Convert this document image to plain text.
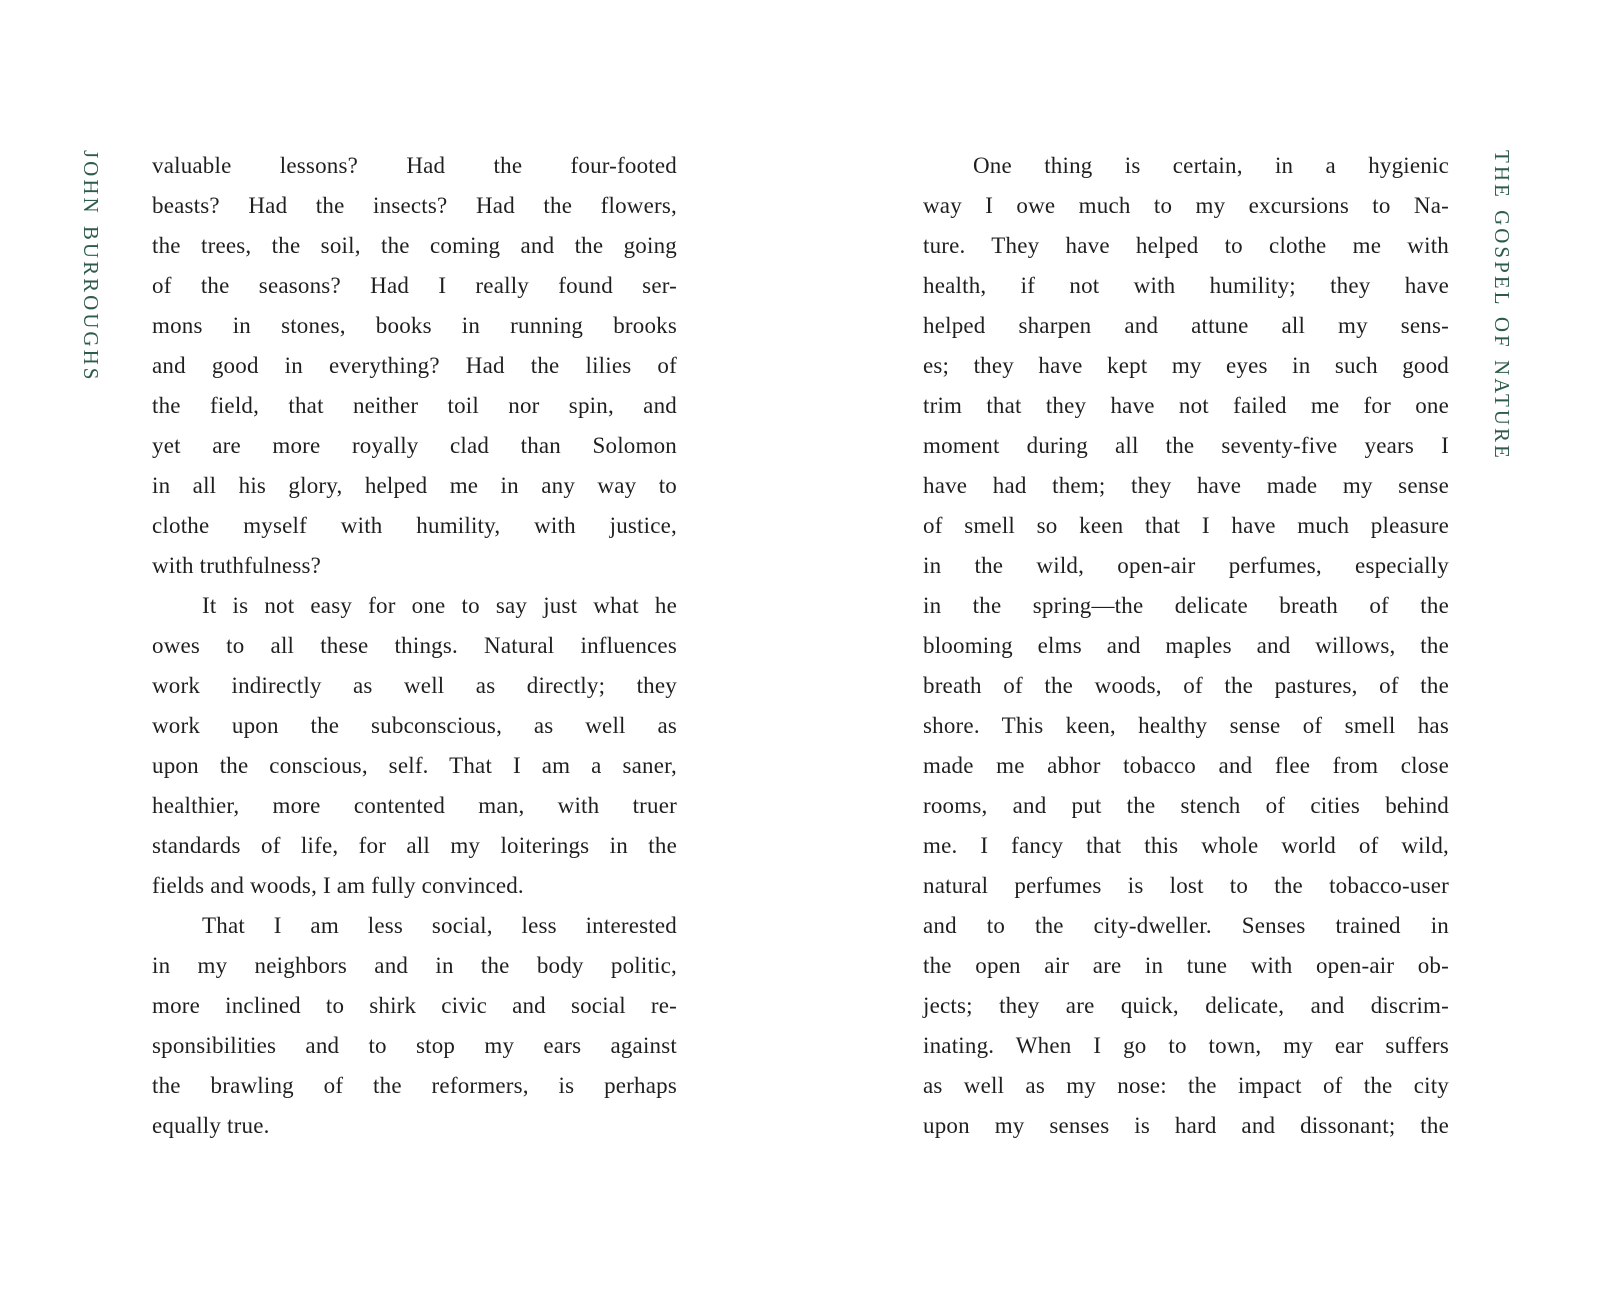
JOHN BURROUGHS valuable lessons? Had the four-footed
beasts? Had the insects? Had the flowers,
the trees, the soil, the coming and the going
of the seasons? Had I really found ser-
mons in stones, books in running brooks
and good in everything? Had the lilies of
the field, that neither toil nor spin, and
yet are more royally clad than Solomon
in all his glory, helped me in any way to
clothe myself with humility, with justice,
with truthfulness?
It is not easy for one to say just what he
owes to all these things. Natural influences
work indirectly as well as directly; they
work upon the subconscious, as well as
upon the conscious, self. That I am a saner,
healthier, more contented man, with truer
standards of life, for all my loiterings in the
fields and woods, I am fully convinced.
That I am less social, less interested
in my neighbors and in the body politic,
more inclined to shirk civic and social re-
sponsibilities and to stop my ears against
the brawling of the reformers, is perhaps
equally true.
One thing is certain, in a hygienic
way I owe much to my excursions to Na-
ture. They have helped to clothe me with
health, if not with humility; they have
helped sharpen and attune all my sens-
es; they have kept my eyes in such good
trim that they have not failed me for one
moment during all the seventy-five years I
have had them; they have made my sense
of smell so keen that I have much pleasure
in the wild, open-air perfumes, especially
in the spring—the delicate breath of the
blooming elms and maples and willows, the
breath of the woods, of the pastures, of the
shore. This keen, healthy sense of smell has
made me abhor tobacco and flee from close
rooms, and put the stench of cities behind
me. I fancy that this whole world of wild,
natural perfumes is lost to the tobacco-user
and to the city-dweller. Senses trained in
the open air are in tune with open-air ob-
jects; they are quick, delicate, and discrim-
inating. When I go to town, my ear suffers
as well as my nose: the impact of the city
upon my senses is hard and dissonant; the
THE GOSPEL OF NATURE
